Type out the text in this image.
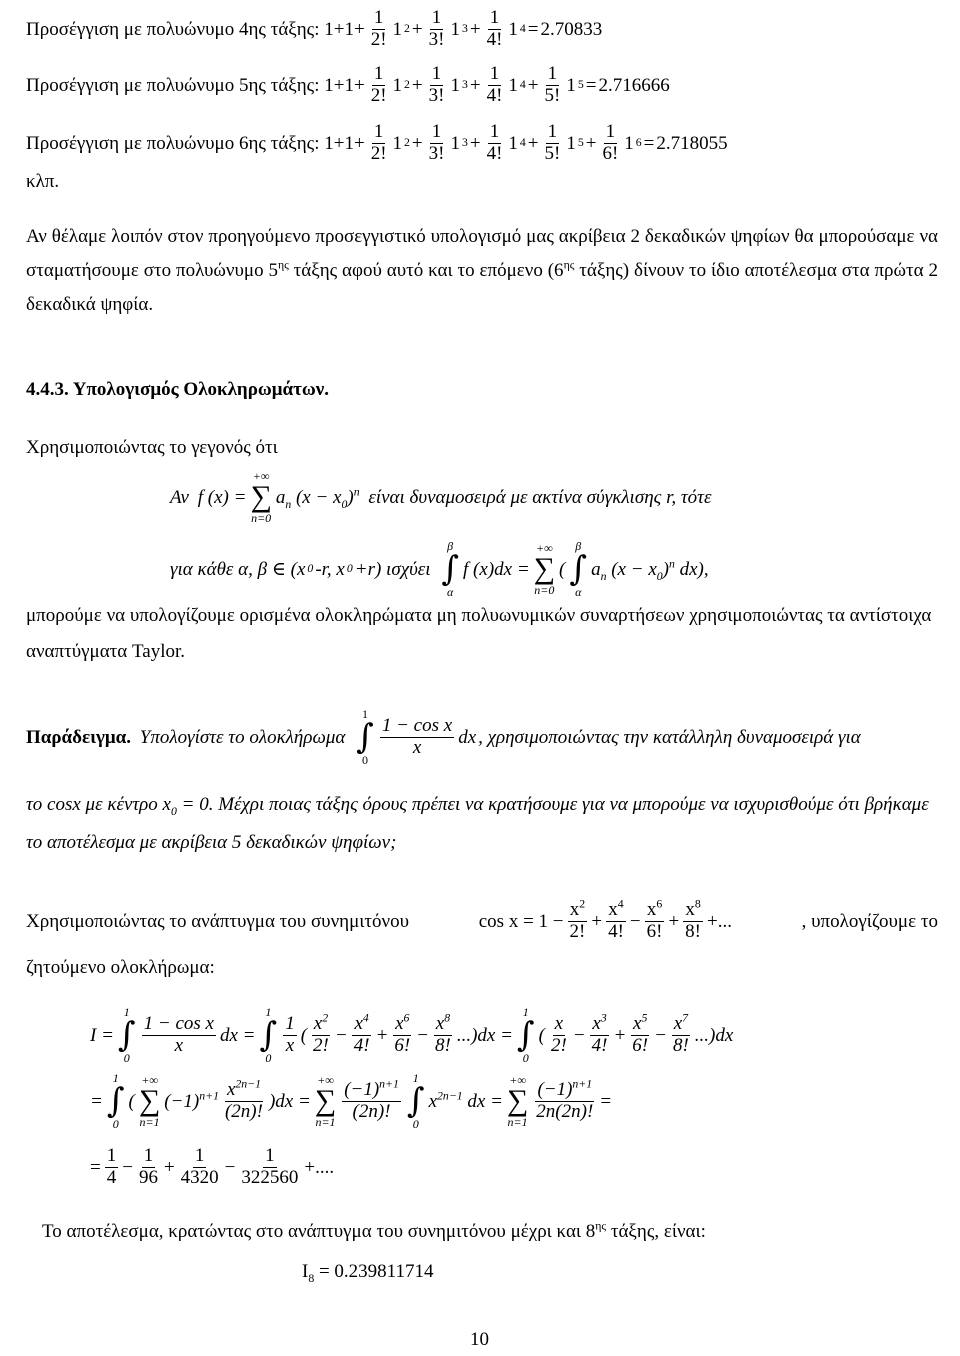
Προσέγγιση με πολυώνυμο 4ης τάξης: $1+1+ \frac{1}{2!} 1$ $2 + \frac{1}{3!} 1$ $3 + \frac{1}{4!} 1$ 4 = 2.70833
Προσέγγιση με πολυώνυμο 5ης τάξης: $1+1+ \frac{1}{2!} 1$ $2 + \frac{1}{3!} 1$ $3 + \frac{1}{4!} 1$ $4 + \frac{1}{5!} 1$ 5 = 2.716666
Προσέγγιση με πολυώνυμο 6ης τάξης: $1+1+ \frac{1}{2!} 1$ $2 + \frac{1}{3!} 1$ $3 + \frac{1}{4!} 1$ $4 + \frac{1}{5!} 1$ $5 + \frac{1}{6!} 1$ 6 = 2.718055
κλπ.
Αν θέλαμε λοιπόν στον προηγούμενο προσεγγιστικό υπολογισμό μας ακρίβεια 2 δεκαδικών ψηφίων θα μπορούσαμε να σταματήσουμε στο πολυώνυμο $5^{\eta\varsigma}$ τάξης αφού αυτό και το επόμενο ($6^{\eta\varsigma}$ τάξης) δίνουν το ίδιο αποτέλεσμα στα πρώτα 2 δεκαδικά ψηφία.
4.4.3. Υπολογισμός Ολοκληρωμάτων.
Χρησιμοποιώντας το γεγονός ότι
Αν
f (x) =
+∞
∑
n=0
$a_n$ $(x - x_0)^n$
είναι δυναμοσειρά με ακτίνα σύγκλισης r, τότε
για κάθε α, β ∈ (x 0 -r, x 0 +r) ισχύει

β
∫
α
f (x)dx =
+∞
∑
n=0
(
β
∫
α
$a_n$ $(x - x_0)^n$ dx),
μπορούμε να υπολογίζουμε ορισμένα ολοκληρώματα μη πολυωνυμικών συναρτήσεων χρησιμοποιώντας τα αντίστοιχα αναπτύγματα Taylor.
Παράδειγμα.
Υπολογίστε το ολοκλήρωμα

1
∫
0
$\frac{\text{1 − cos x}}{x}$ dx , χρησιμοποιώντας την κατάλληλη δυναμοσειρά για
το cosx με κέντρο $x_0 = 0$. Μέχρι ποιας τάξης όρους πρέπει να κρατήσουμε για να μπορούμε να ισχυρισθούμε ότι βρήκαμε το αποτέλεσμα με ακρίβεια 5 δεκαδικών ψηφίων;
Χρησιμοποιώντας το ανάπτυγμα του συνημιτόνου	$\cos x = 1 - \frac{x^2}{2!} + \frac{x^4}{4!} - \frac{x^6}{6!} + \frac{x^8}{8!}$ +...	, υπολογίζουμε το
ζητούμενο ολοκλήρωμα:
I =
1
∫
0
$\frac{\text{1 − cos x}}{x}$ dx =
1
∫
0
$\frac{1}{x}$ ( $\frac{x^2}{2!} - \frac{x^4}{4!} + \frac{x^6}{6!} - \frac{x^8}{8!} ...)dx$ =
1
∫
0
( $\frac{x}{2!} - \frac{x^3}{4!} + \frac{x^5}{6!} - \frac{x^7}{8!} ...)dx$
=
1
∫
0
(
+∞
∑
n=1
$(-1)^{n+1} \frac{x^{2n-1}}{(2n)!} )dx$ =
+∞
∑
$n=1 \frac{(-1)^{n+1}}{(2n)!}$
1
∫
0
$x^{2n-1}$ dx =
+∞
∑
$n=1 \frac{(-1)^{n+1}}{2n(2n)!}$ =
= $\frac{1}{4} - \frac{1}{96} + \frac{1}{4320} - \frac{1}{322560}$ +....
Το αποτέλεσμα, κρατώντας στο ανάπτυγμα του συνημιτόνου μέχρι και $8^{\eta\varsigma}$ τάξης, είναι:
$I_8 = 0.239811714$
10
